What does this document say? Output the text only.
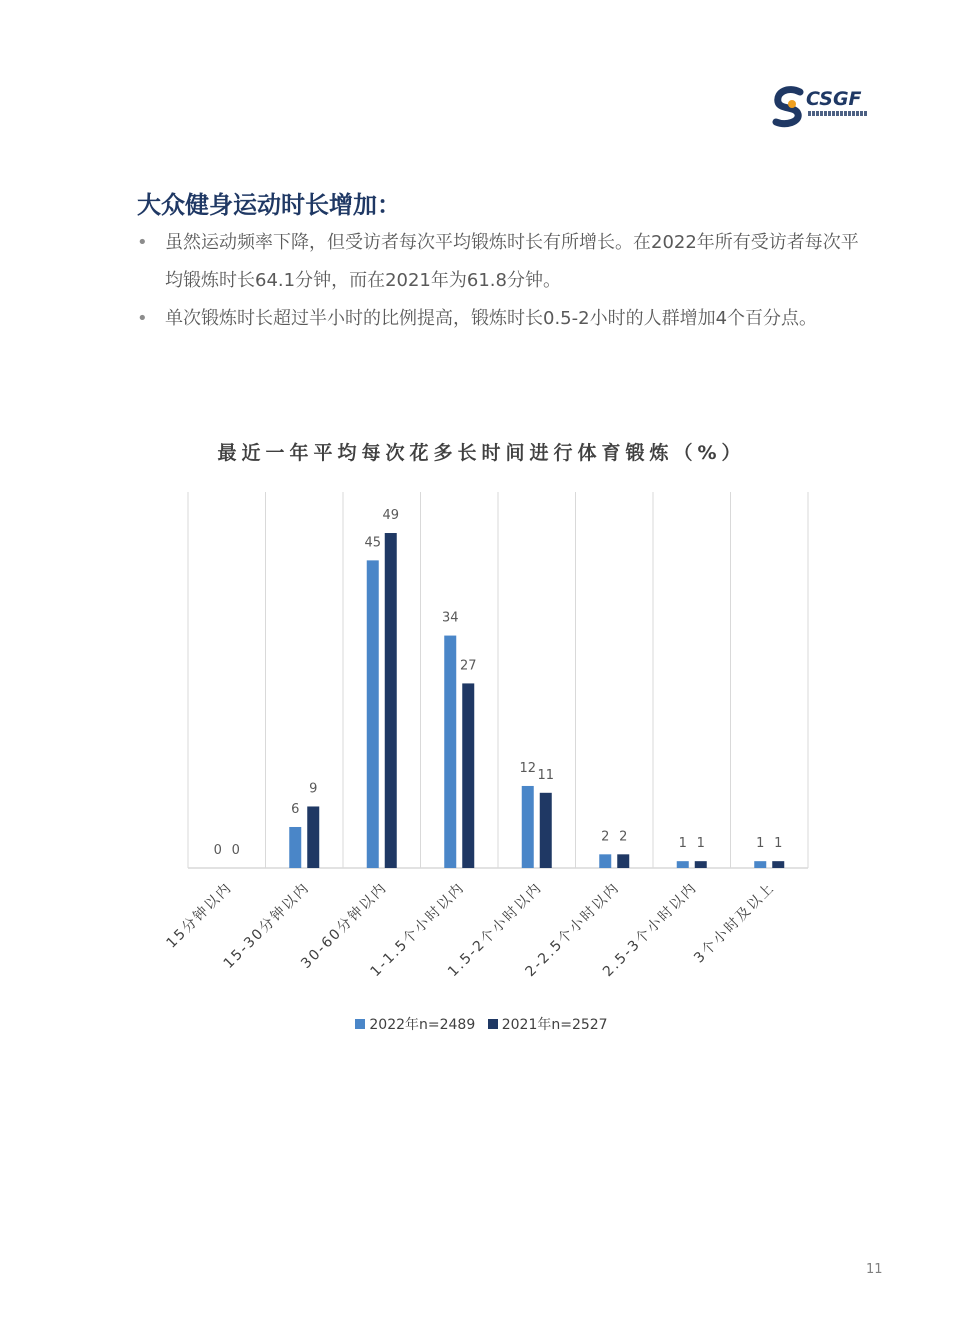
CSGF
大众健身运动时长增加：
• 虽然运动频率下降，但受访者每次平均锻炼时长有所增长。在2022年所有受访者每次平均锻炼时长64.1分钟，而在2021年为61.8分钟。
• 单次锻炼时长超过半小时的比例提高，锻炼时长0.5-2小时的人群增加4个百分点。
最近一年平均每次花多长时间进行体育锻炼（%）
0 0
15分钟以内
6
9
15-30分钟以内
45
49
30-60分钟以内
34
27
1-1.5个小时以内
12 11
1.5-2个小时以内
2 2
2-2.5个小时以内
1 1
2.5-3个小时以内
1 1
3个小时及以上
2022年n=2489 2021年n=2527
11
